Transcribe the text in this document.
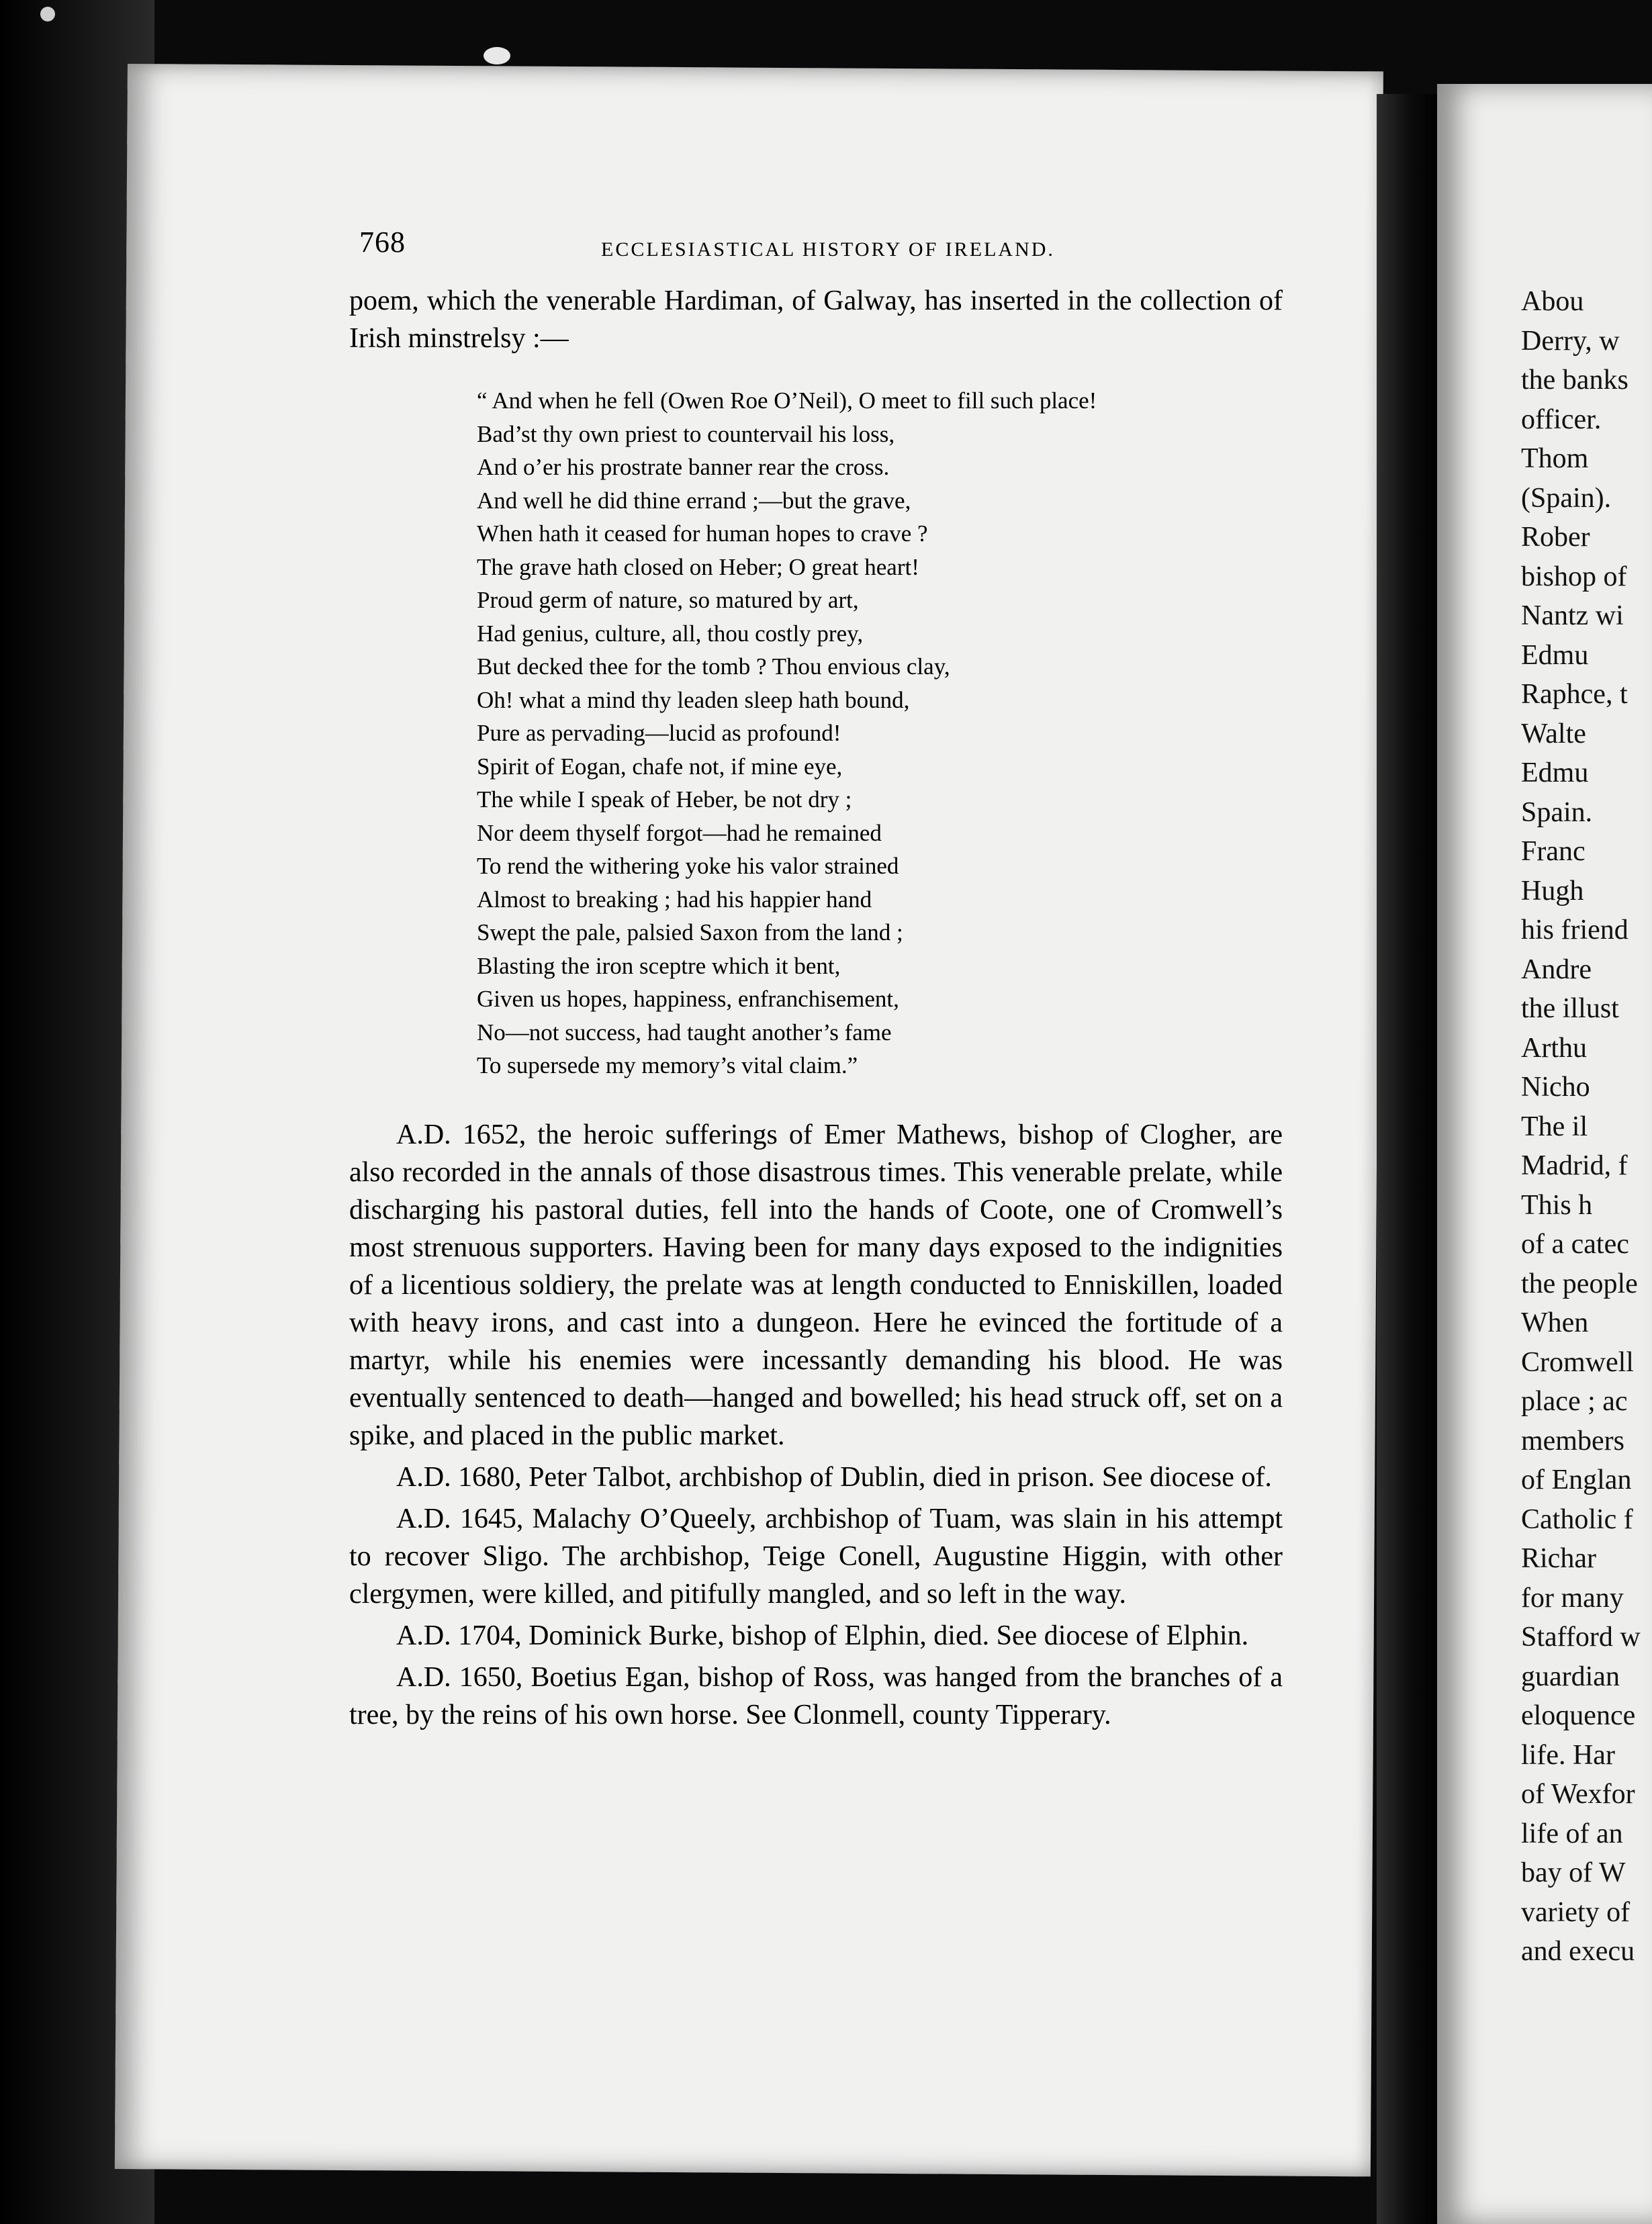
768	ECCLESIASTICAL HISTORY OF IRELAND.

poem, which the venerable Hardiman, of Galway, has inserted in the collection of Irish minstrelsy :—

“ And when he fell (Owen Roe O’Neil), O meet to fill such place!
Bad’st thy own priest to countervail his loss,
And o’er his prostrate banner rear the cross.
And well he did thine errand ;—but the grave,
When hath it ceased for human hopes to crave ?
The grave hath closed on Heber; O great heart!
Proud germ of nature, so matured by art,
Had genius, culture, all, thou costly prey,
But decked thee for the tomb ? Thou envious clay,
Oh! what a mind thy leaden sleep hath bound,
Pure as pervading—lucid as profound!
Spirit of Eogan, chafe not, if mine eye,
The while I speak of Heber, be not dry ;
Nor deem thyself forgot—had he remained
To rend the withering yoke his valor strained
Almost to breaking ; had his happier hand
Swept the pale, palsied Saxon from the land ;
Blasting the iron sceptre which it bent,
Given us hopes, happiness, enfranchisement,
No—not success, had taught another’s fame
To supersede my memory’s vital claim.”

A.D. 1652, the heroic sufferings of Emer Mathews, bishop of Clogher, are also recorded in the annals of those disastrous times. This venerable prelate, while discharging his pastoral duties, fell into the hands of Coote, one of Cromwell’s most strenuous supporters. Having been for many days exposed to the indignities of a licentious soldiery, the prelate was at length conducted to Enniskillen, loaded with heavy irons, and cast into a dungeon. Here he evinced the fortitude of a martyr, while his enemies were incessantly demanding his blood. He was eventually sentenced to death—hanged and bowelled; his head struck off, set on a spike, and placed in the public market.

A.D. 1680, Peter Talbot, archbishop of Dublin, died in prison. See diocese of.

A.D. 1645, Malachy O’Queely, archbishop of Tuam, was slain in his attempt to recover Sligo. The archbishop, Teige Conell, Augustine Higgin, with other clergymen, were killed, and pitifully mangled, and so left in the way.

A.D. 1704, Dominick Burke, bishop of Elphin, died. See diocese of Elphin.

A.D. 1650, Boetius Egan, bishop of Ross, was hanged from the branches of a tree, by the reins of his own horse. See Clonmell, county Tipperary.

Abou
Derry, w
the banks
officer.
Thom
(Spain).
Rober
bishop of
Nantz wi
Edmu
Raphce, t
Walte
Edmu
Spain.
Franc
Hugh
his friend
Andre
the illust
Arthu
Nicho
The il
Madrid, f
This h
of a catec
the people
When
Cromwell
place ; ac
members
of Englan
Catholic f
Richar
for many
Stafford w
guardian
eloquence
life. Har
of Wexfor
life of an
bay of W
variety of
and execu
